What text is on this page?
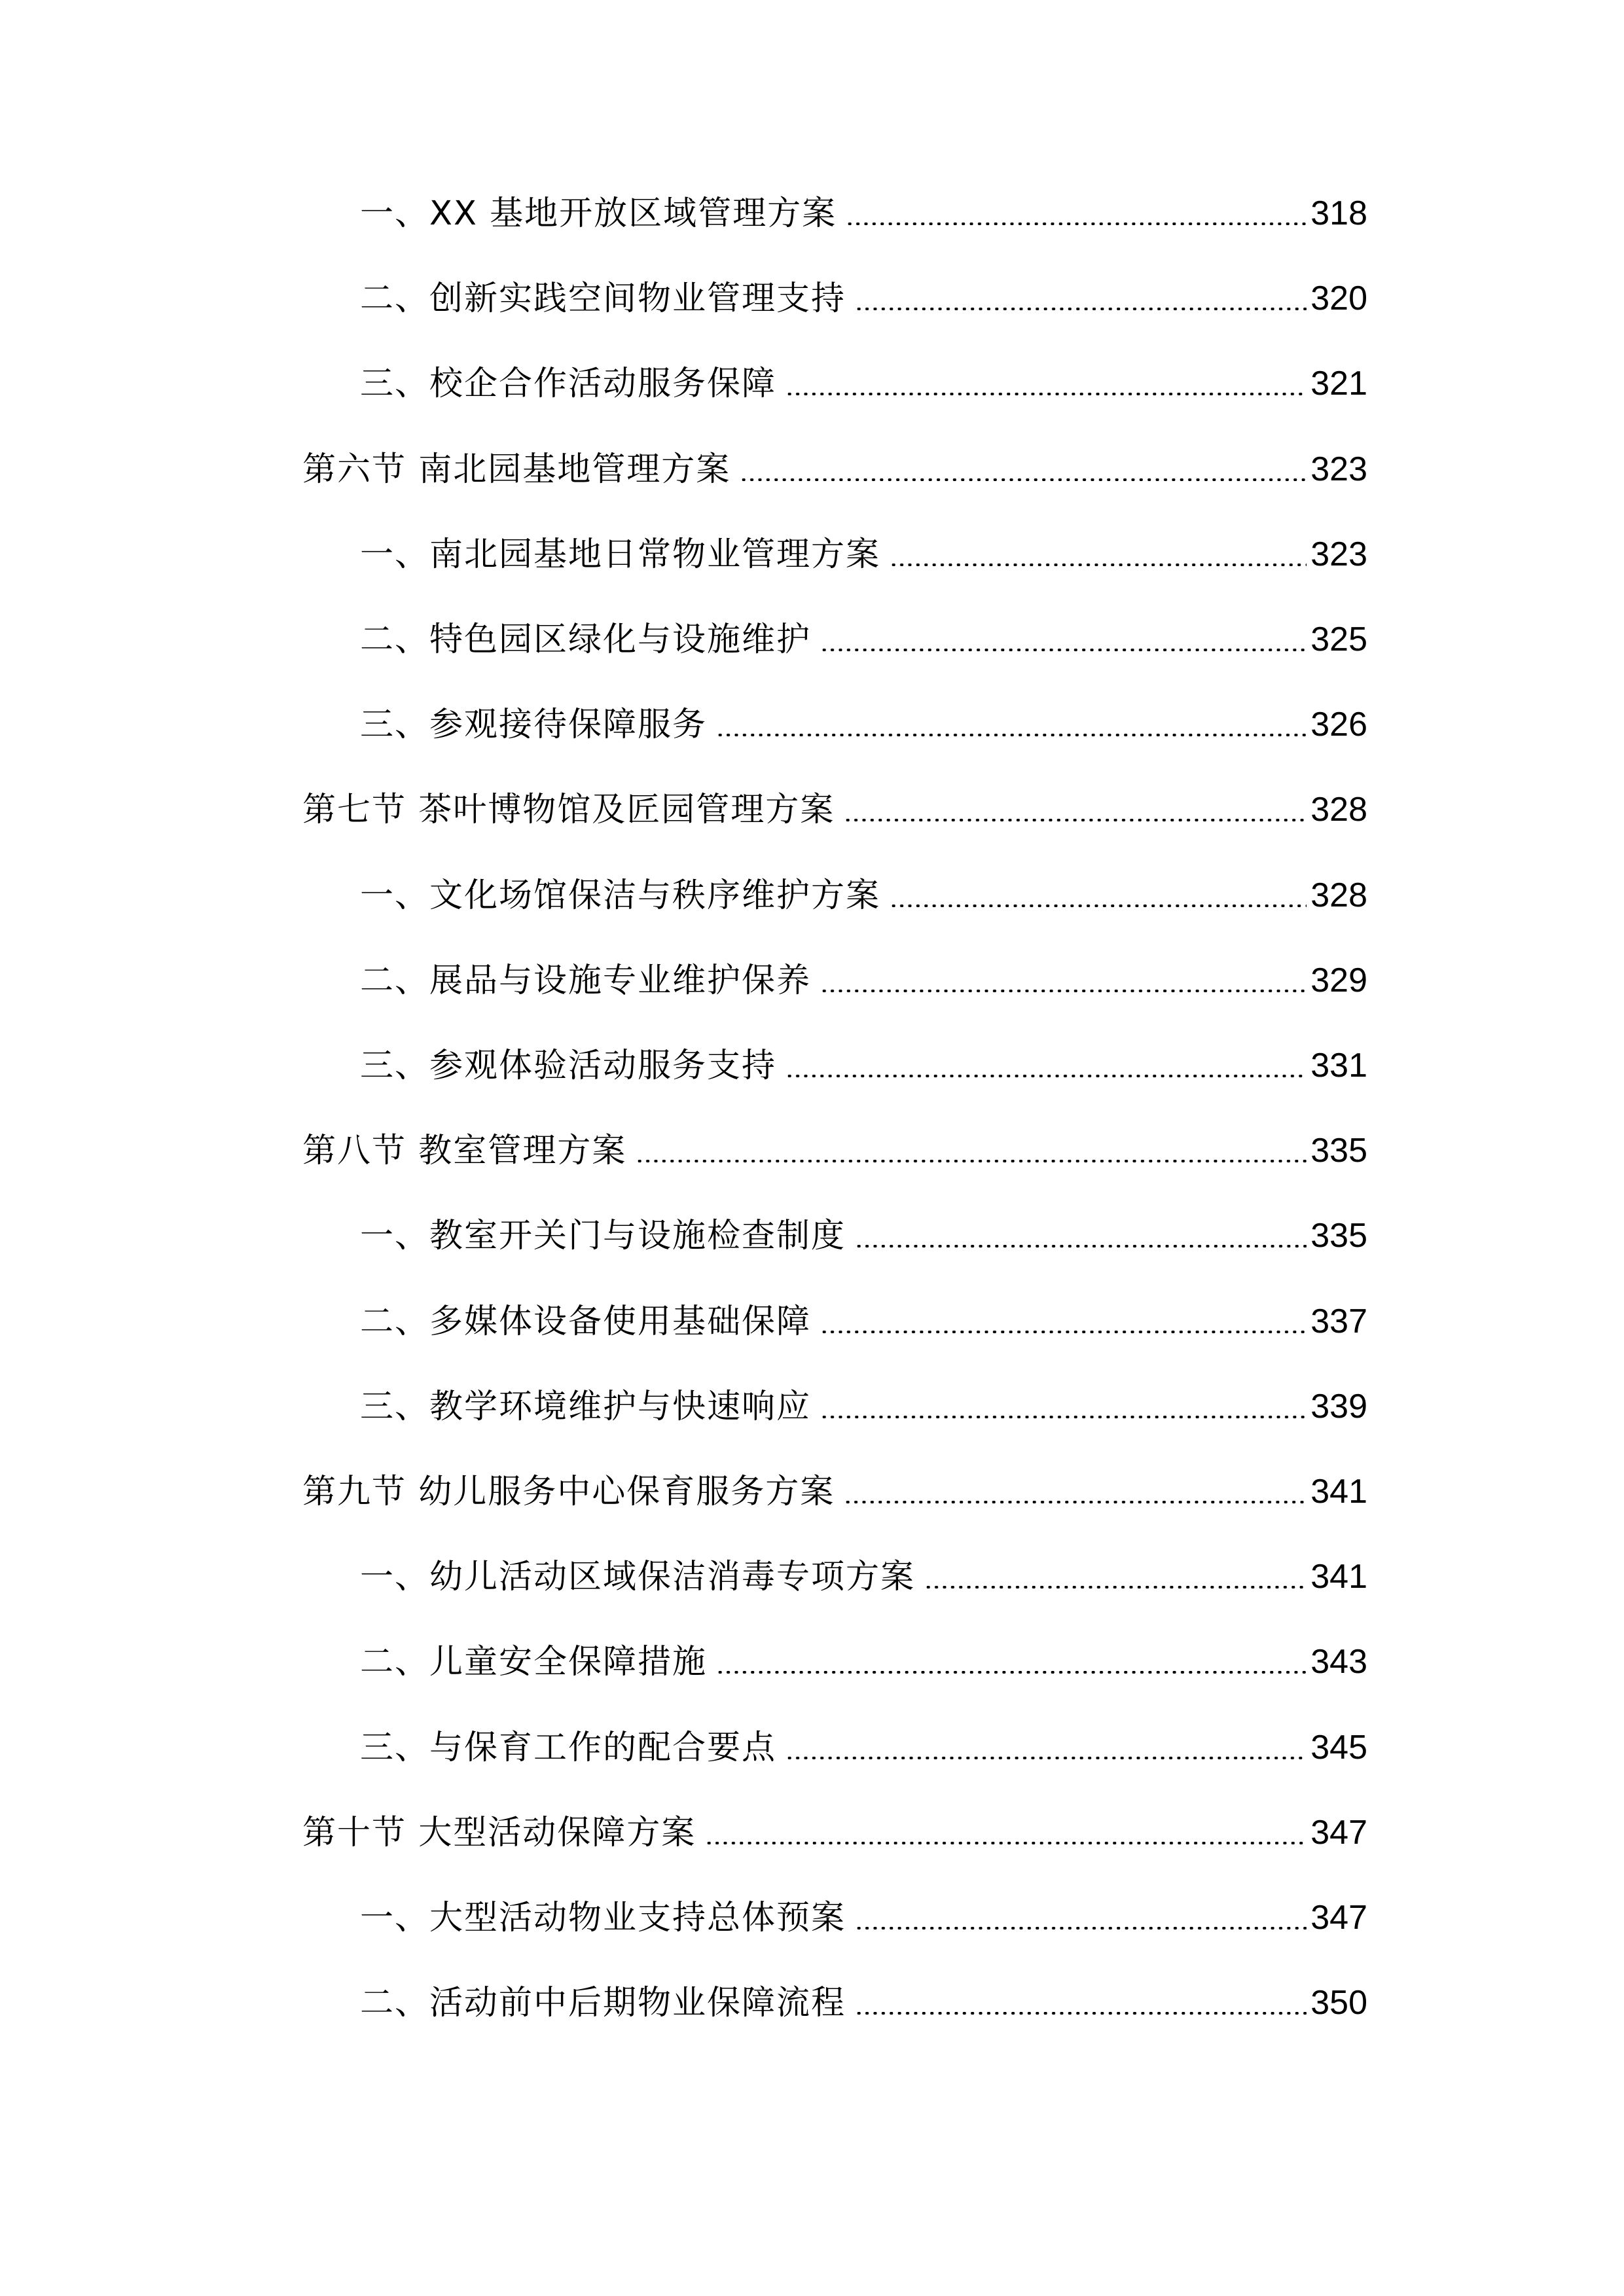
一、XX 基地开放区域管理方案	318
二、创新实践空间物业管理支持	320
三、校企合作活动服务保障	321
第六节 南北园基地管理方案	323
一、南北园基地日常物业管理方案	323
二、特色园区绿化与设施维护	325
三、参观接待保障服务	326
第七节 茶叶博物馆及匠园管理方案	328
一、文化场馆保洁与秩序维护方案	328
二、展品与设施专业维护保养	329
三、参观体验活动服务支持	331
第八节 教室管理方案	335
一、教室开关门与设施检查制度	335
二、多媒体设备使用基础保障	337
三、教学环境维护与快速响应	339
第九节 幼儿服务中心保育服务方案	341
一、幼儿活动区域保洁消毒专项方案	341
二、儿童安全保障措施	343
三、与保育工作的配合要点	345
第十节 大型活动保障方案	347
一、大型活动物业支持总体预案	347
二、活动前中后期物业保障流程	350
